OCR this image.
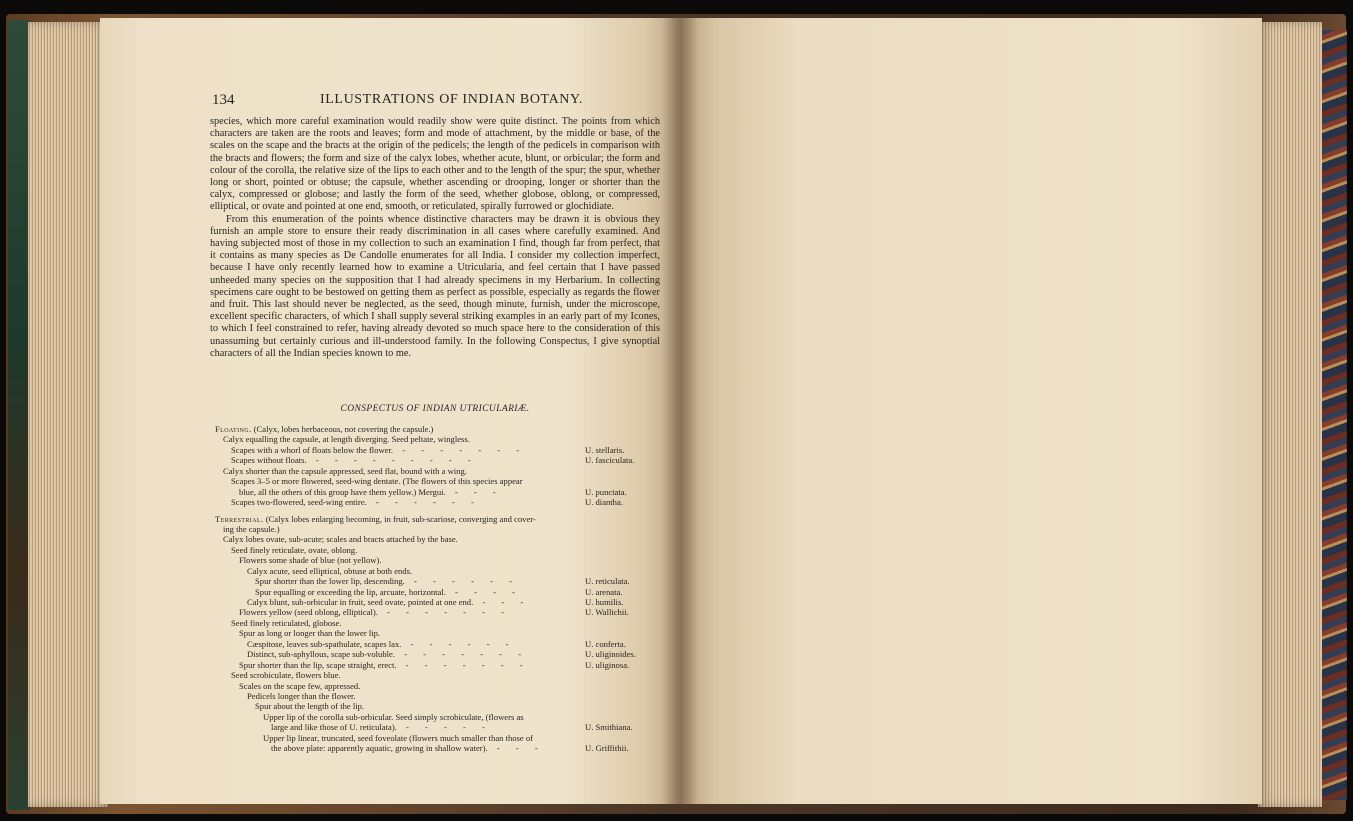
134	ILLUSTRATIONS OF INDIAN BOTANY.

species, which more careful examination would readily show were quite distinct. The points from which characters are taken are the roots and leaves; form and mode of attachment, by the middle or base, of the scales on the scape and the bracts at the origin of the pedicels; the length of the pedicels in comparison with the bracts and flowers; the form and size of the calyx lobes, whether acute, blunt, or orbicular; the form and colour of the corolla, the relative size of the lips to each other and to the length of the spur; the spur, whether long or short, pointed or obtuse; the capsule, whether ascending or drooping, longer or shorter than the calyx, compressed or globose; and lastly the form of the seed, whether globose, oblong, or compressed, elliptical, or ovate and pointed at one end, smooth, or reticulated, spirally furrowed or glochidiate.

From this enumeration of the points whence distinctive characters may be drawn it is obvious they furnish an ample store to ensure their ready discrimination in all cases where carefully examined. And having subjected most of those in my collection to such an examination I find, though far from perfect, that it contains as many species as De Candolle enumerates for all India. I consider my collection imperfect, because I have only recently learned how to examine a Utricularia, and feel certain that I have passed unheeded many species on the supposition that I had already specimens in my Herbarium. In collecting specimens care ought to be bestowed on getting them as perfect as possible, especially as regards the flower and fruit. This last should never be neglected, as the seed, though minute, furnish, under the microscope, excellent specific characters, of which I shall supply several striking examples in an early part of my Icones, to which I feel constrained to refer, having already devoted so much space here to the consideration of this unassuming but certainly curious and ill-understood family. In the following Conspectus, I give synoptial characters of all the Indian species known to me.

CONSPECTUS OF INDIAN UTRICULARIÆ.
Floating. (Calyx, lobes herbaceous, not covering the capsule.)
Calyx equalling the capsule, at length diverging. Seed peltate, wingless.
Scapes with a whorl of floats below the flower. - - - - - - -	U. stellaris.
Scapes without floats. - - - - - - - - -	U. fasciculata.
Calyx shorter than the capsule appressed, seed flat, bound with a wing.
Scapes 3–5 or more flowered, seed-wing dentate. (The flowers of this species appear
blue, all the others of this group have them yellow.) Mergui. - - -	U. punctata.
Scapes two-flowered, seed-wing entire. - - - - - -	U. diantha.
Terrestrial. (Calyx lobes enlarging becoming, in fruit, sub-scariose, converging and cover-
ing the capsule.)
Calyx lobes ovate, sub-acute; scales and bracts attached by the base.
Seed finely reticulate, ovate, oblong.
Flowers some shade of blue (not yellow).
Calyx acute, seed elliptical, obtuse at both ends.
Spur shorter than the lower lip, descending. - - - - - -	U. reticulata.
Spur equalling or exceeding the lip, arcuate, horizontal. - - - -	U. arenata.
Calyx blunt, sub-orbicular in fruit, seed ovate, pointed at one end. - - -	U. humilis.
Flowers yellow (seed oblong, elliptical). - - - - - - -	U. Wallichii.
Seed finely reticulated, globose.
Spur as long or longer than the lower lip.
Cæspitose, leaves sub-spathulate, scapes lax. - - - - - -	U. conferta.
Distinct, sub-aphyllous, scape sub-voluble. - - - - - - -	U. uliginoides.
Spur shorter than the lip, scape straight, erect. - - - - - - -	U. uliginosa.
Seed scrobiculate, flowers blue.
Scales on the scape few, appressed.
Pedicels longer than the flower.
Spur about the length of the lip.
Upper lip of the corolla sub-orbicular. Seed simply scrobiculate, (flowers as
large and like those of U. reticulata). - - - - -	U. Smithiana.
Upper lip linear, truncated, seed foveolate (flowers much smaller than those of
the above plate: apparently aquatic, growing in shallow water). - - -	U. Griffithii.
